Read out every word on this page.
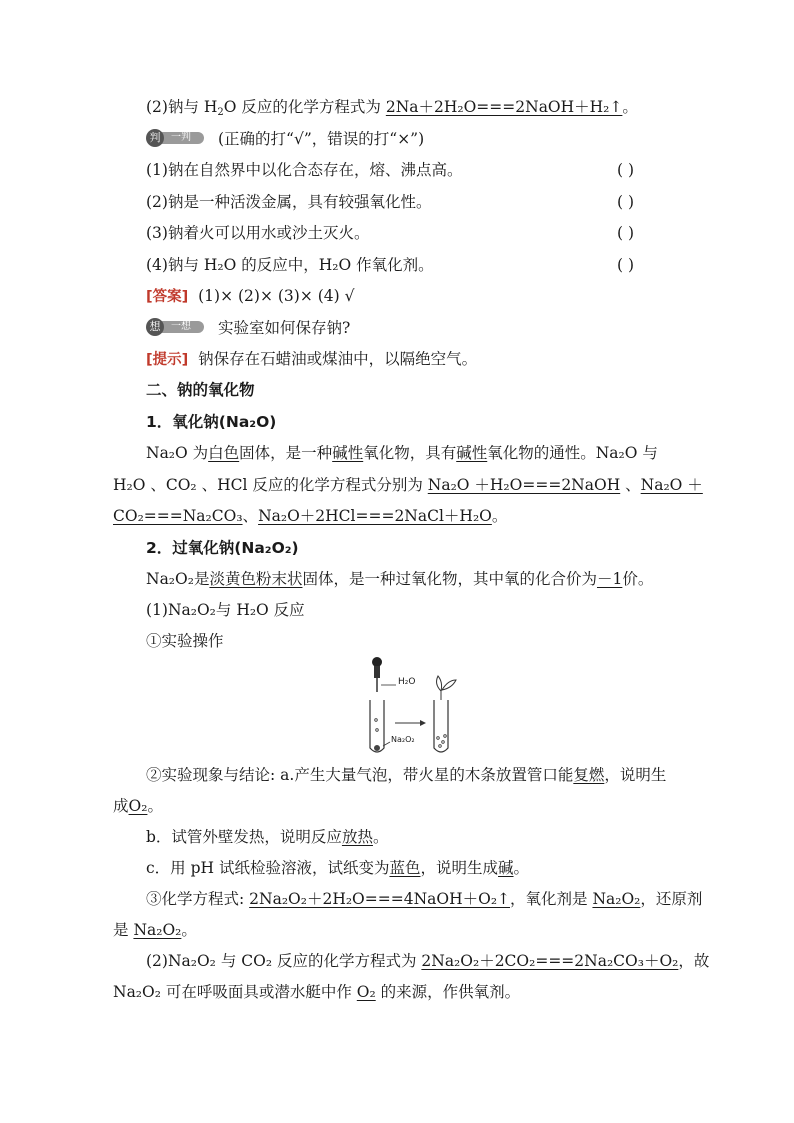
(2)钠与 $H_2O$ 反应的化学方程式为 2Na＋2H₂O===2NaOH＋H₂↑。
一判
判	(正确的打“√”，错误的打“×”)
(1)钠在自然界中以化合态存在，熔、沸点高。	( )
(2)钠是一种活泼金属，具有较强氧化性。	( )
(3)钠着火可以用水或沙土灭火。	( )
(4)钠与 H₂O 的反应中，H₂O 作氧化剂。	( )
[答案] (1)× (2)× (3)× (4) √
一想
想	实验室如何保存钠?
[提示] 钠保存在石蜡油或煤油中，以隔绝空气。
二、钠的氧化物
1．氧化钠(Na₂O)
Na₂O 为白色固体，是一种碱性氧化物，具有碱性氧化物的通性。Na₂O 与
H₂O 、CO₂ 、HCl 反应的化学方程式分别为 Na₂O ＋H₂O===2NaOH 、Na₂O ＋
CO₂===Na₂CO₃、Na₂O＋2HCl===2NaCl＋H₂O。
2．过氧化钠(Na₂O₂)
Na₂O₂是淡黄色粉末状固体，是一种过氧化物，其中氧的化合价为－1价。
(1)Na₂O₂与 H₂O 反应
①实验操作
H₂O
Na₂O₂
②实验现象与结论: a.产生大量气泡，带火星的木条放置管口能复燃，说明生
成O₂。
b．试管外壁发热，说明反应放热。
c．用 pH 试纸检验溶液，试纸变为蓝色，说明生成碱。
③化学方程式: 2Na₂O₂＋2H₂O===4NaOH＋O₂↑，氧化剂是 Na₂O₂，还原剂
是 Na₂O₂。
(2)Na₂O₂ 与 CO₂ 反应的化学方程式为 2Na₂O₂＋2CO₂===2Na₂CO₃＋O₂，故
Na₂O₂ 可在呼吸面具或潜水艇中作 O₂ 的来源，作供氧剂。
